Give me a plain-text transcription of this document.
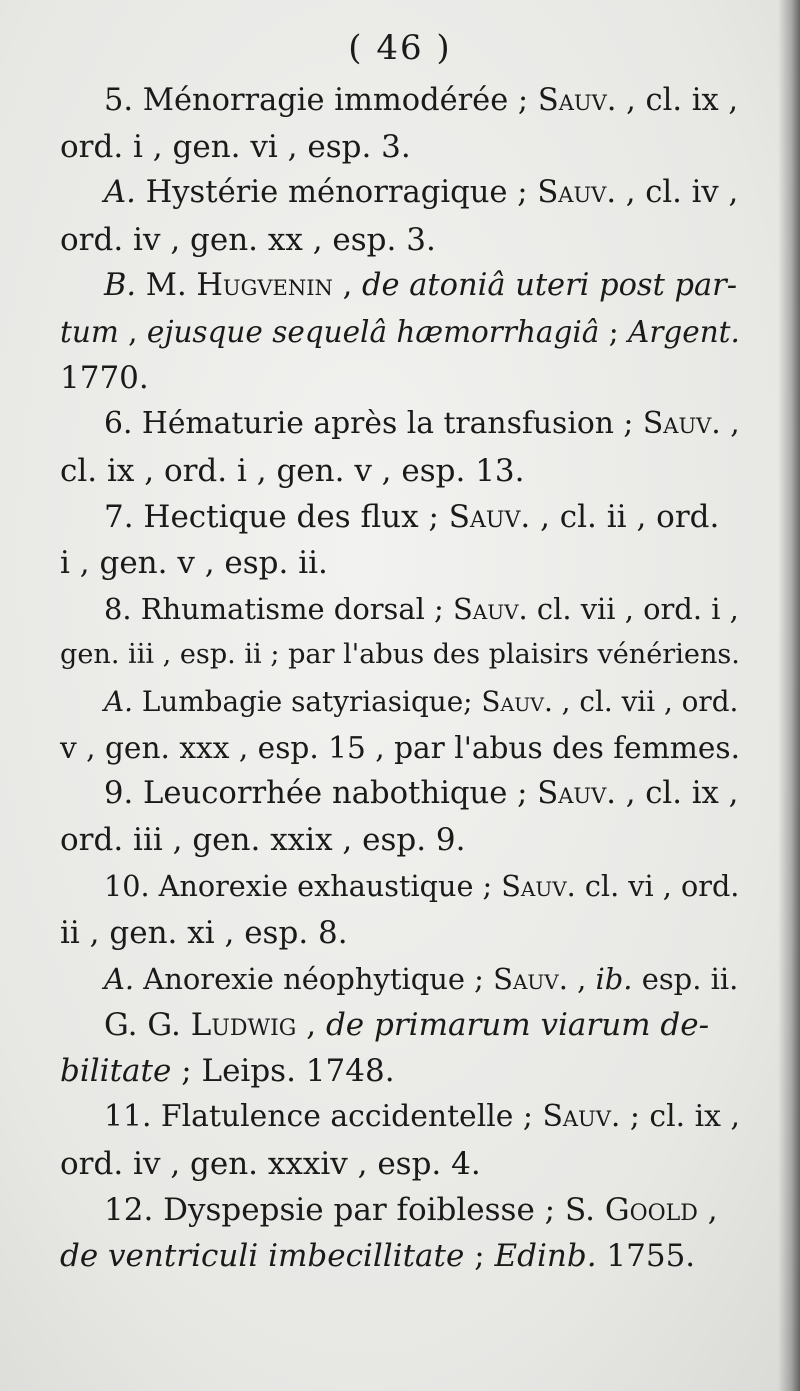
( 46 )
5. Ménorragie immodérée ; Sauv. , cl. ix ,
ord. i , gen. vi , esp. 3.
A. Hystérie ménorragique ; Sauv. , cl. iv ,
ord. iv , gen. xx , esp. 3.
B. M. Hugvenin , de atoniâ uteri post par-
tum , ejusque sequelâ hæmorrhagiâ ; Argent.
1770.
6. Hématurie après la transfusion ; Sauv. ,
cl. ix , ord. i , gen. v , esp. 13.
7. Hectique des flux ; Sauv. , cl. ii , ord.
i , gen. v , esp. ii.
8. Rhumatisme dorsal ; Sauv. cl. vii , ord. i ,
gen. iii , esp. ii ; par l'abus des plaisirs vénériens.
A. Lumbagie satyriasique; Sauv. , cl. vii , ord.
v , gen. xxx , esp. 15 , par l'abus des femmes.
9. Leucorrhée nabothique ; Sauv. , cl. ix ,
ord. iii , gen. xxix , esp. 9.
10. Anorexie exhaustique ; Sauv. cl. vi , ord.
ii , gen. xi , esp. 8.
A. Anorexie néophytique ; Sauv. , ib. esp. ii.
G. G. Ludwig , de primarum viarum de-
bilitate ; Leips. 1748.
11. Flatulence accidentelle ; Sauv. ; cl. ix ,
ord. iv , gen. xxxiv , esp. 4.
12. Dyspepsie par foiblesse ; S. Goold ,
de ventriculi imbecillitate ; Edinb. 1755.
